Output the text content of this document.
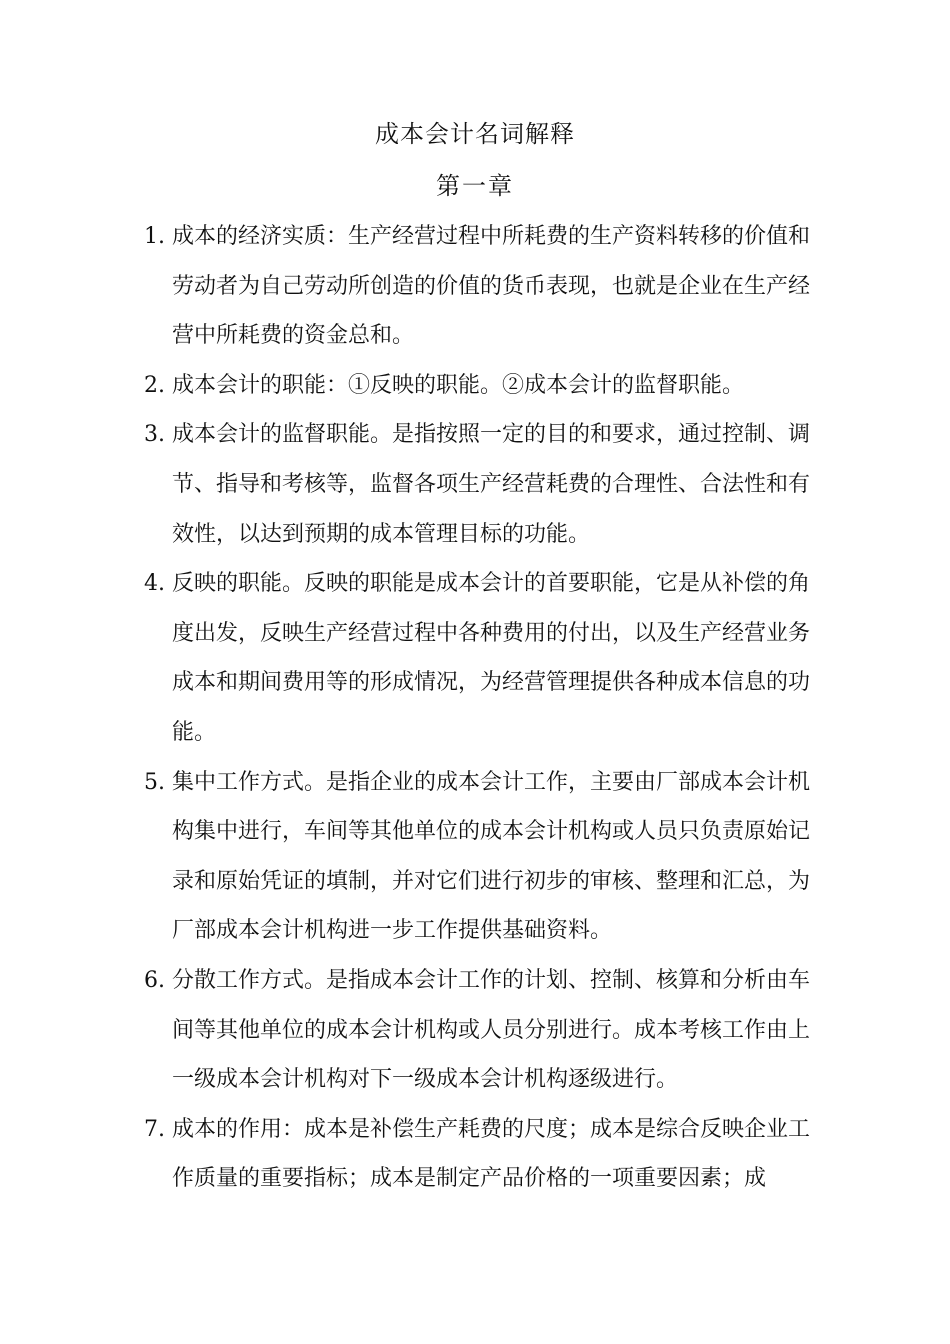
成本会计名词解释
第一章
1. 成本的经济实质：生产经营过程中所耗费的生产资料转移的价值和劳动者为自己劳动所创造的价值的货币表现，也就是企业在生产经营中所耗费的资金总和。
2. 成本会计的职能：①反映的职能。②成本会计的监督职能。
3. 成本会计的监督职能。是指按照一定的目的和要求，通过控制、调节、指导和考核等，监督各项生产经营耗费的合理性、合法性和有效性，以达到预期的成本管理目标的功能。
4. 反映的职能。反映的职能是成本会计的首要职能，它是从补偿的角度出发，反映生产经营过程中各种费用的付出，以及生产经营业务成本和期间费用等的形成情况，为经营管理提供各种成本信息的功能。
5. 集中工作方式。是指企业的成本会计工作，主要由厂部成本会计机构集中进行，车间等其他单位的成本会计机构或人员只负责原始记录和原始凭证的填制，并对它们进行初步的审核、整理和汇总，为厂部成本会计机构进一步工作提供基础资料。
6. 分散工作方式。是指成本会计工作的计划、控制、核算和分析由车间等其他单位的成本会计机构或人员分别进行。成本考核工作由上一级成本会计机构对下一级成本会计机构逐级进行。
7. 成本的作用：成本是补偿生产耗费的尺度；成本是综合反映企业工作质量的重要指标；成本是制定产品价格的一项重要因素；成
